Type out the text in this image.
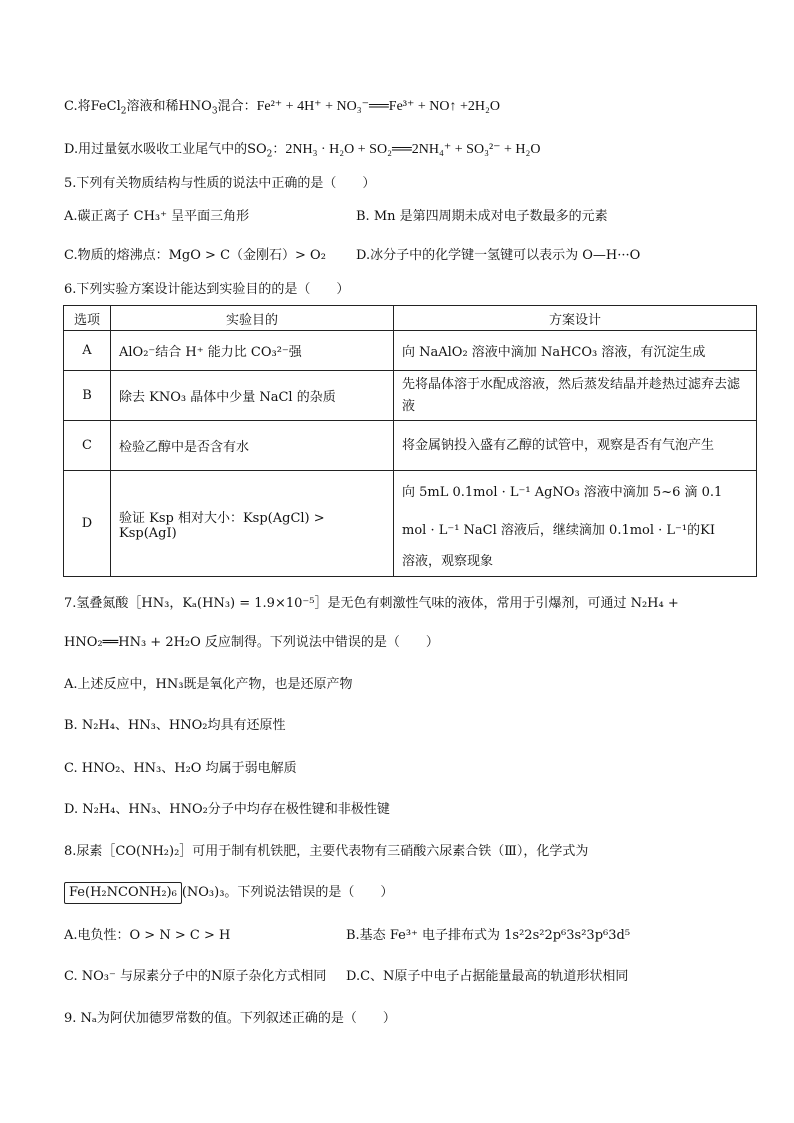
C.将FeCl$_2$溶液和稀$HNO_3$混合：Fe²⁺ + 4H⁺ + NO₃⁻══Fe³⁺ + NO↑ +2H₂O
D.用过量氨水吸收工业尾气中的$SO_2$：2NH₃ · H₂O + SO₂══2NH₄⁺ + SO₃²⁻ + H₂O
5.下列有关物质结构与性质的说法中正确的是（　　）
A.碳正离子 CH₃⁺ 呈平面三角形	B. Mn 是第四周期未成对电子数最多的元素
C.物质的熔沸点：MgO > C（金刚石）> O₂ D.冰分子中的化学键一氢键可以表示为 O—H···O
6.下列实验方案设计能达到实验目的的是（　　）
选项	实验目的	方案设计
A	AlO₂⁻结合 H⁺ 能力比 CO₃²⁻强	向 NaAlO₂ 溶液中滴加 NaHCO₃ 溶液，有沉淀生成
B	除去 KNO₃ 晶体中少量 NaCl 的杂质	先将晶体溶于水配成溶液，然后蒸发结晶并趁热过滤弃去滤液
C	检验乙醇中是否含有水	将金属钠投入盛有乙醇的试管中，观察是否有气泡产生
D	验证 Ksp 相对大小：Ksp(AgCl) > Ksp(AgI)	向 5mL 0.1mol · L⁻¹ AgNO₃ 溶液中滴加 5~6 滴 0.1
mol · L⁻¹ NaCl 溶液后，继续滴加 0.1mol · L⁻¹的KI
溶液，观察现象
7.氢叠氮酸［HN₃，Kₐ(HN₃) = 1.9×10⁻⁵］是无色有刺激性气味的液体，常用于引爆剂，可通过 N₂H₄ +
HNO₂══HN₃ + 2H₂O 反应制得。下列说法中错误的是（　　）
A.上述反应中，HN₃既是氧化产物，也是还原产物
B. N₂H₄、HN₃、HNO₂均具有还原性
C. HNO₂、HN₃、H₂O 均属于弱电解质
D. N₂H₄、HN₃、HNO₂分子中均存在极性键和非极性键
8.尿素［CO(NH₂)₂］可用于制有机铁肥，主要代表物有三硝酸六尿素合铁（Ⅲ），化学式为
Fe(H₂NCONH₂)₆ (NO₃)₃。下列说法错误的是（　　）
A.电负性：O > N > C > H	B.基态 Fe³⁺ 电子排布式为 1s²2s²2p⁶3s²3p⁶3d⁵
C. NO₃⁻ 与尿素分子中的N原子杂化方式相同 D.C、N原子中电子占据能量最高的轨道形状相同
9. Nₐ为阿伏加德罗常数的值。下列叙述正确的是（　　）
